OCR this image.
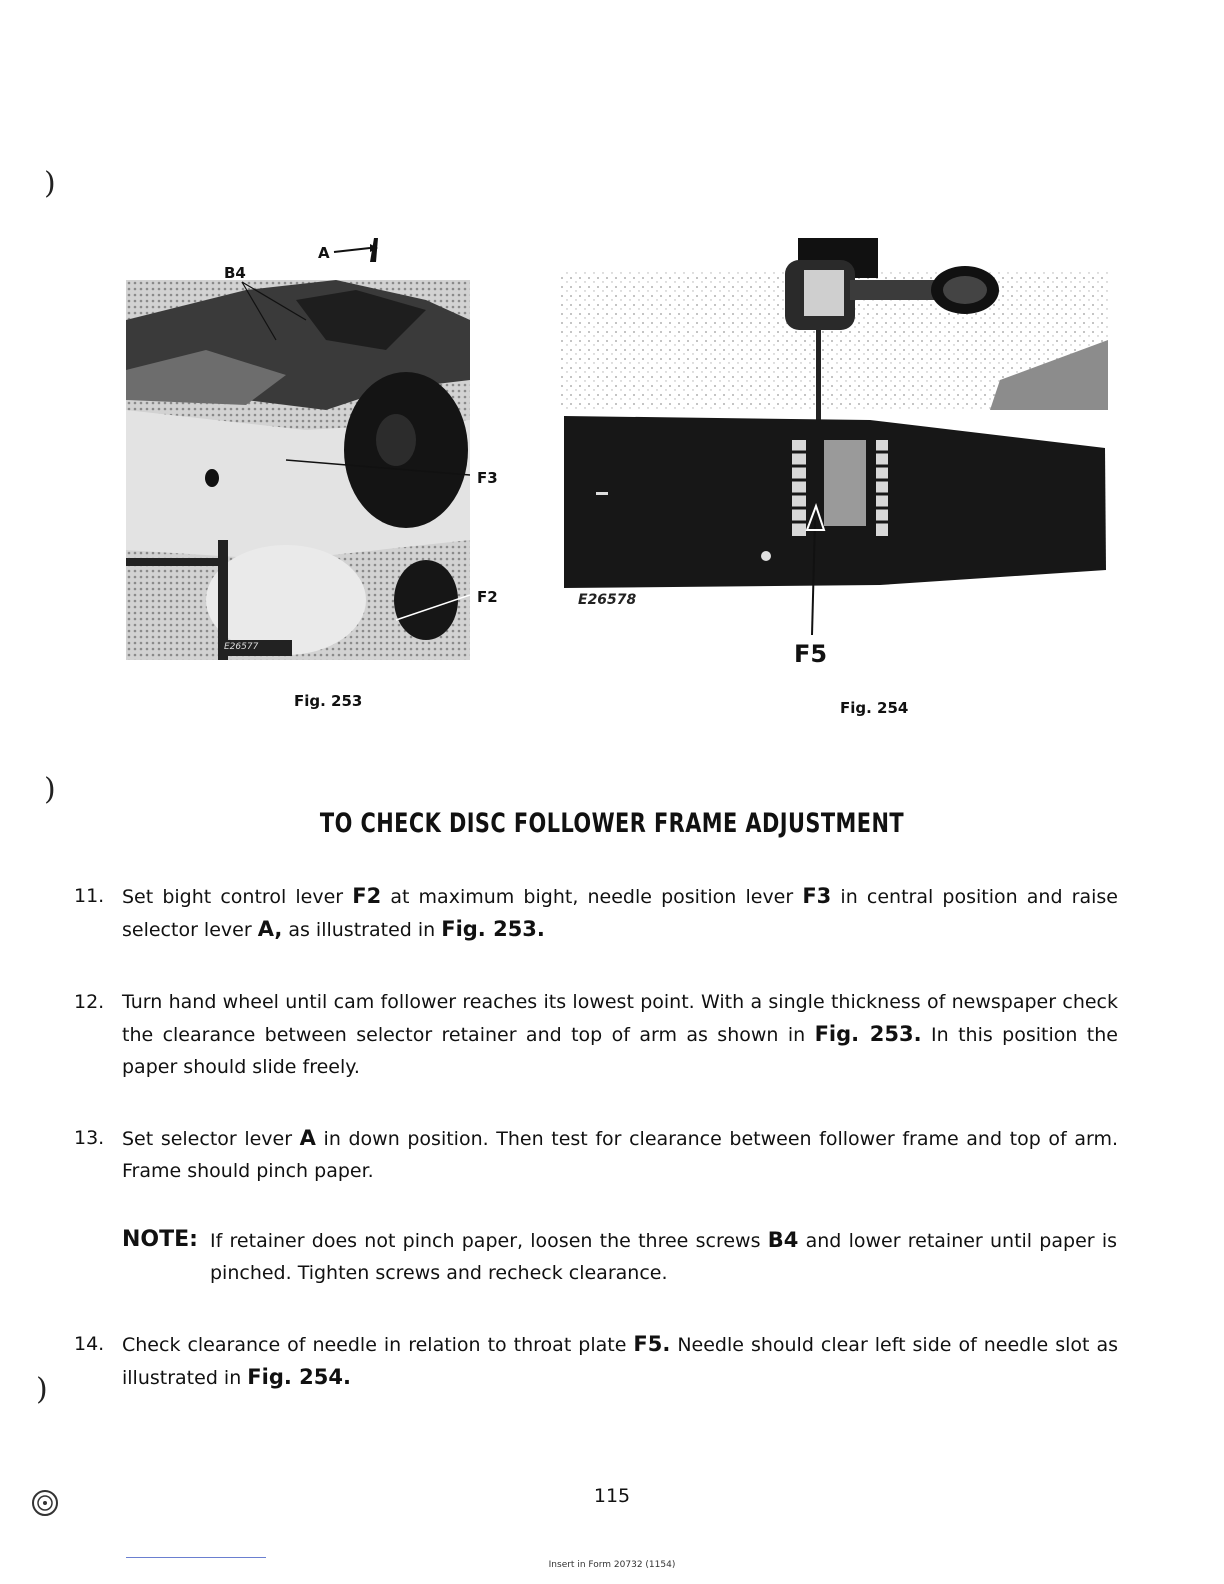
)
)
)
E26577
A
B4
F3
F2
Fig. 253
E26578
F5
Fig. 254
TO CHECK DISC FOLLOWER FRAME ADJUSTMENT
11. Set bight control lever F2 at maximum bight, needle position lever F3 in central position and raise selector lever A, as illustrated in Fig. 253.
12. Turn hand wheel until cam follower reaches its lowest point. With a single thickness of newspaper check the clearance between selector retainer and top of arm as shown in Fig. 253. In this position the paper should slide freely.
13. Set selector lever A in down position. Then test for clearance between follower frame and top of arm. Frame should pinch paper.
NOTE: If retainer does not pinch paper, loosen the three screws B4 and lower retainer until paper is pinched. Tighten screws and recheck clearance.
14. Check clearance of needle in relation to throat plate F5. Needle should clear left side of needle slot as illustrated in Fig. 254.
115
Insert in Form 20732 (1154)
